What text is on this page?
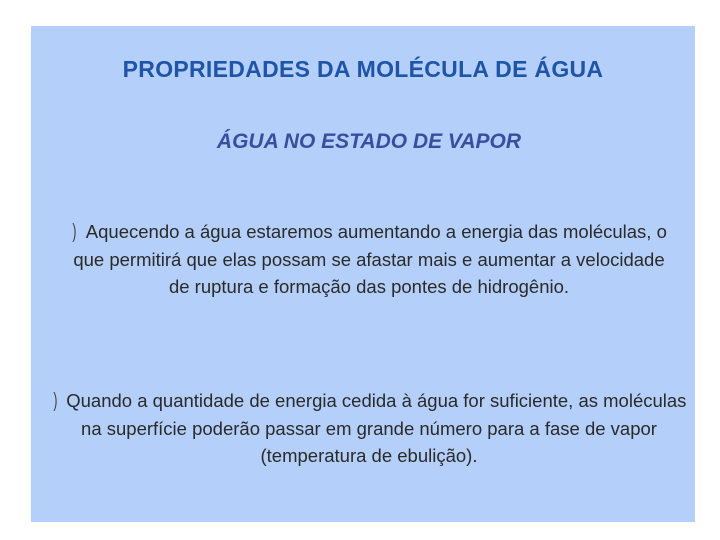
PROPRIEDADES DA MOLÉCULA DE ÁGUA
ÁGUA NO ESTADO DE VAPOR

) Aquecendo a água estaremos aumentando a energia das moléculas, o que permitirá que elas possam se afastar mais e aumentar a velocidade de ruptura e formação das pontes de hidrogênio.

) Quando a quantidade de energia cedida à água for suficiente, as moléculas na superfície poderão passar em grande número para a fase de vapor (temperatura de ebulição).
